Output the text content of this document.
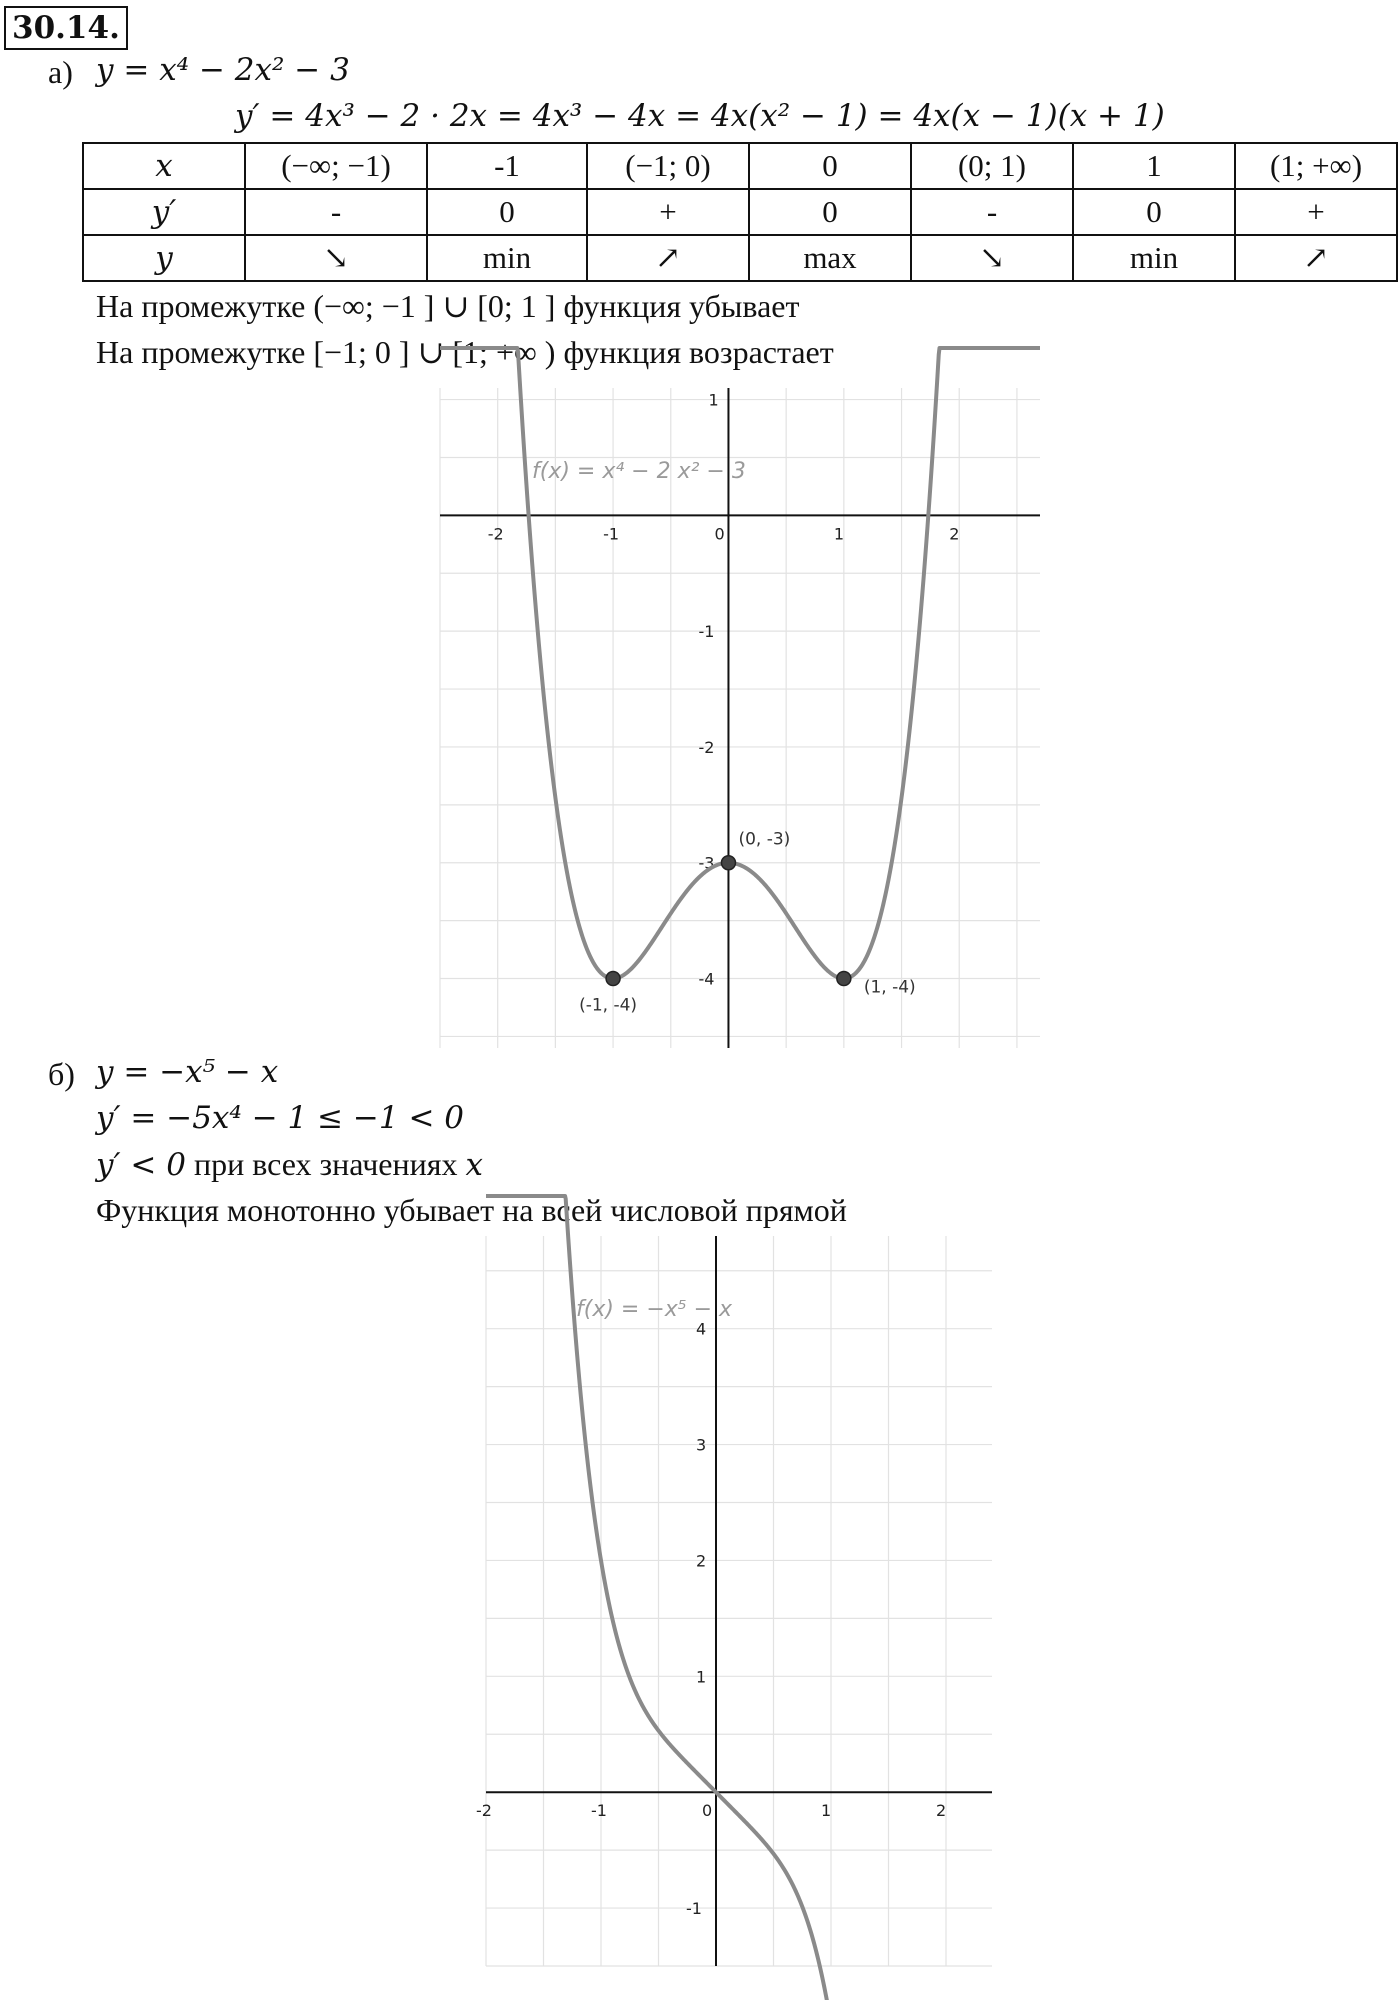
30.14.
а) y = x⁴ − 2x² − 3
y′ = 4x³ − 2 · 2x = 4x³ − 4x = 4x(x² − 1) = 4x(x − 1)(x + 1)
x	(−∞; −1)	-1	(−1; 0)	0	(0; 1)	1	(1; +∞)
y′	-	0	+	0	-	0	+
y	↘	min	↗	max	↘	min	↗
На промежутке (−∞; −1 ] ∪ [0; 1 ] функция убывает
На промежутке [−1; 0 ] ∪ [1; +∞ ) функция возрастает
-2	-1	0	1	2
1
-1
-2
-3
-4
f(x) = x⁴ − 2 x² − 3
(-1, -4)
(0, -3)
(1, -4)
б) y = −x⁵ − x
y′ = −5x⁴ − 1 ≤ −1 < 0
y′ < 0 при всех значениях x
Функция монотонно убывает на всей числовой прямой
-2	-1	0	1	2
4
3
2
1
-1
f(x) = −x⁵ − x
